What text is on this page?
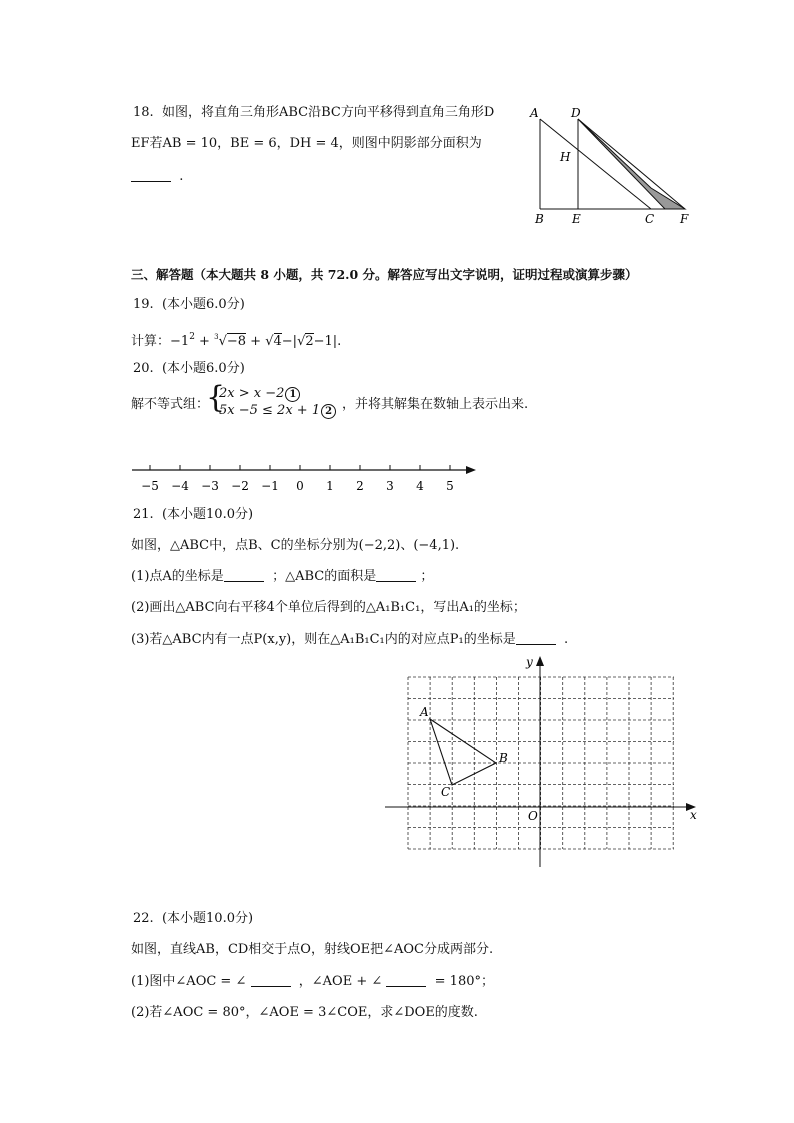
18. 如图，将直角三角形ABC沿BC方向平移得到直角三角形D
EF若AB = 10，BE = 6，DH = 4，则图中阴影部分面积为
.
A
B	C
D
E	F
H
三、解答题（本大题共 8 小题，共 72.0 分。解答应写出文字说明，证明过程或演算步骤）
19. (本小题6.0分)
计算：$-1^2 + ^3√-8 + √4-|√2-1|$.
20. (本小题6.0分)
解不等式组：
{
2x > x −2 1
5x −5 ≤ 2x + 1 2 ，并将其解集在数轴上表示出来.
−5 −4 −3 −2 −1 0 1 2 3 4 5
21. (本小题10.0分)
如图，△ABC中，点B、C的坐标分别为(−2,2)、(−4,1).
(1)点A的坐标是	；△ABC的面积是	；
(2)画出△ABC向右平移4个单位后得到的△A₁B₁C₁，写出A₁的坐标；
(3)若△ABC内有一点P(x,y)，则在△A₁B₁C₁内的对应点P₁的坐标是	.
A
B
C
O	x
y
22. (本小题10.0分)
如图，直线AB，CD相交于点O，射线OE把∠AOC分成两部分.
(1)图中∠AOC = ∠	，∠AOE + ∠	= 180°；
(2)若∠AOC = 80°，∠AOE = 3∠COE，求∠DOE的度数.
